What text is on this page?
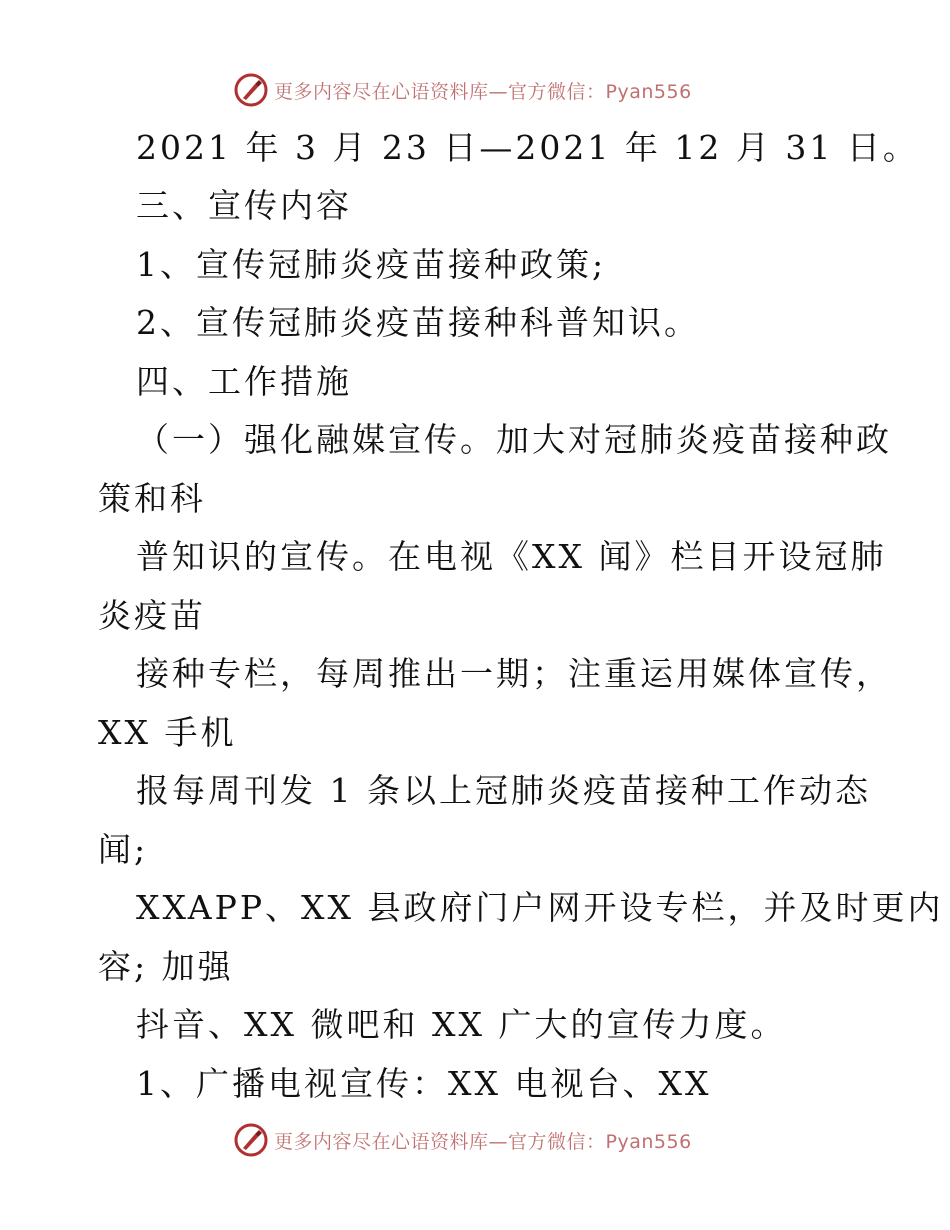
更多内容尽在心语资料库—官方微信：Pyan556
2021 年 3 月 23 日—2021 年 12 月 31 日。
三、宣传内容
1、宣传冠肺炎疫苗接种政策;
2、宣传冠肺炎疫苗接种科普知识。
四、工作措施
（一）强化融媒宣传。加大对冠肺炎疫苗接种政
策和科
普知识的宣传。在电视《XX 闻》栏目开设冠肺
炎疫苗
接种专栏，每周推出一期；注重运用媒体宣传，
XX 手机
报每周刊发 1 条以上冠肺炎疫苗接种工作动态
闻;
XXAPP、XX 县政府门户网开设专栏，并及时更内
容; 加强
抖音、XX 微吧和 XX 广大的宣传力度。
1、广播电视宣传：XX 电视台、XX
更多内容尽在心语资料库—官方微信：Pyan556
